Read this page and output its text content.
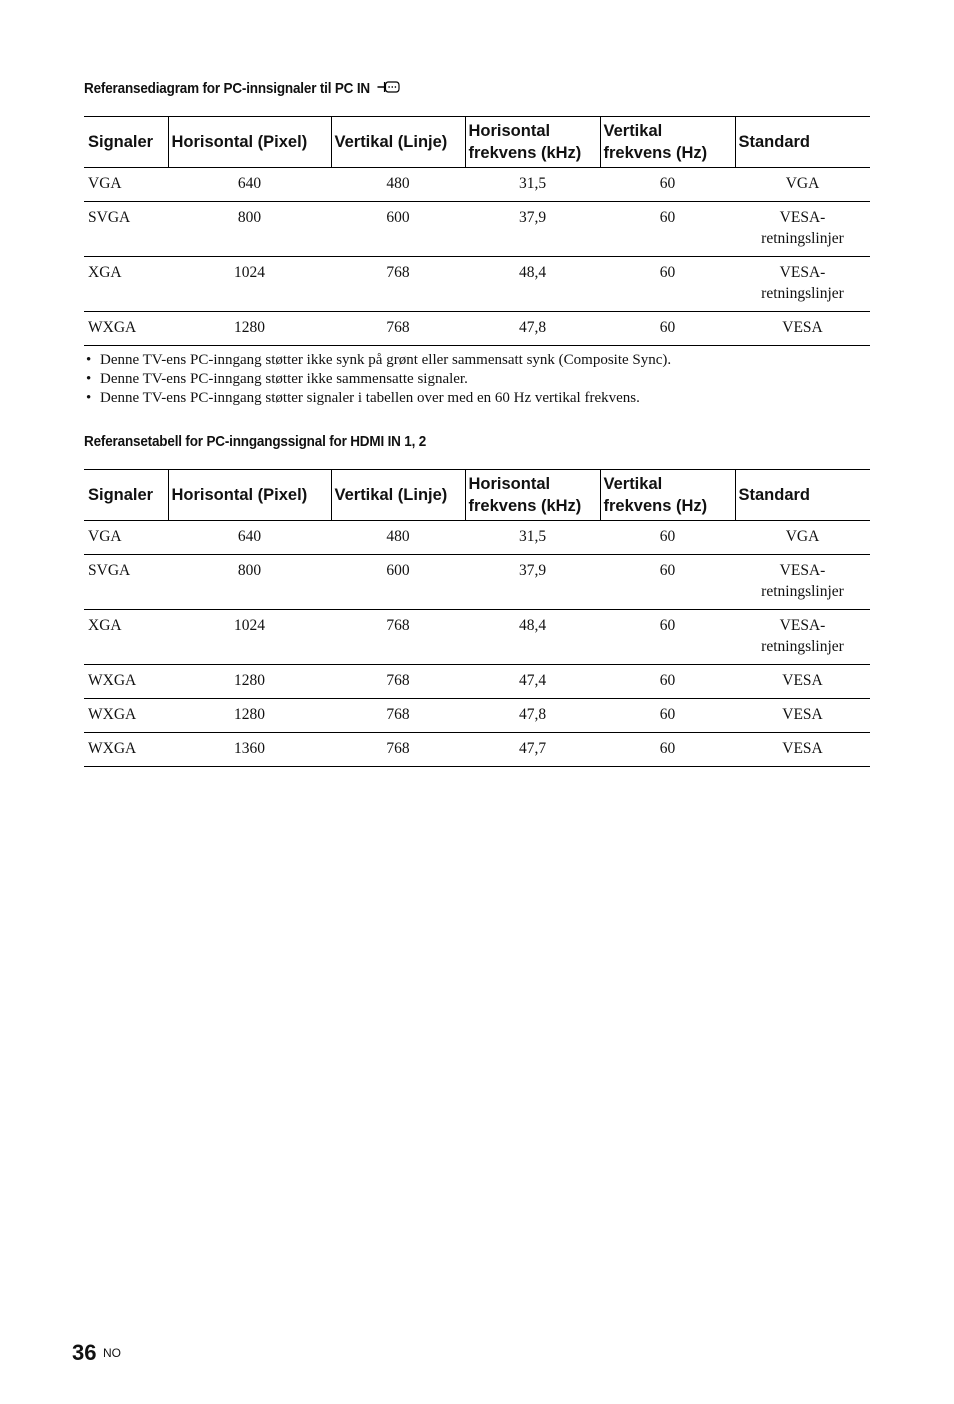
Referansediagram for PC-innsignaler til PC IN
Signaler	Horisontal (Pixel)	Vertikal (Linje)	Horisontal frekvens (kHz)	Vertikal frekvens (Hz)	Standard
VGA	640	480	31,5	60	VGA
SVGA	800	600	37,9	60	VESA-retningslinjer
XGA	1024	768	48,4	60	VESA-retningslinjer
WXGA	1280	768	47,8	60	VESA
• Denne TV-ens PC-inngang støtter ikke synk på grønt eller sammensatt synk (Composite Sync).
• Denne TV-ens PC-inngang støtter ikke sammensatte signaler.
• Denne TV-ens PC-inngang støtter signaler i tabellen over med en 60 Hz vertikal frekvens.
Referansetabell for PC-inngangssignal for HDMI IN 1, 2
Signaler	Horisontal (Pixel)	Vertikal (Linje)	Horisontal frekvens (kHz)	Vertikal frekvens (Hz)	Standard
VGA	640	480	31,5	60	VGA
SVGA	800	600	37,9	60	VESA-retningslinjer
XGA	1024	768	48,4	60	VESA-retningslinjer
WXGA	1280	768	47,4	60	VESA
WXGA	1280	768	47,8	60	VESA
WXGA	1360	768	47,7	60	VESA
36 NO
